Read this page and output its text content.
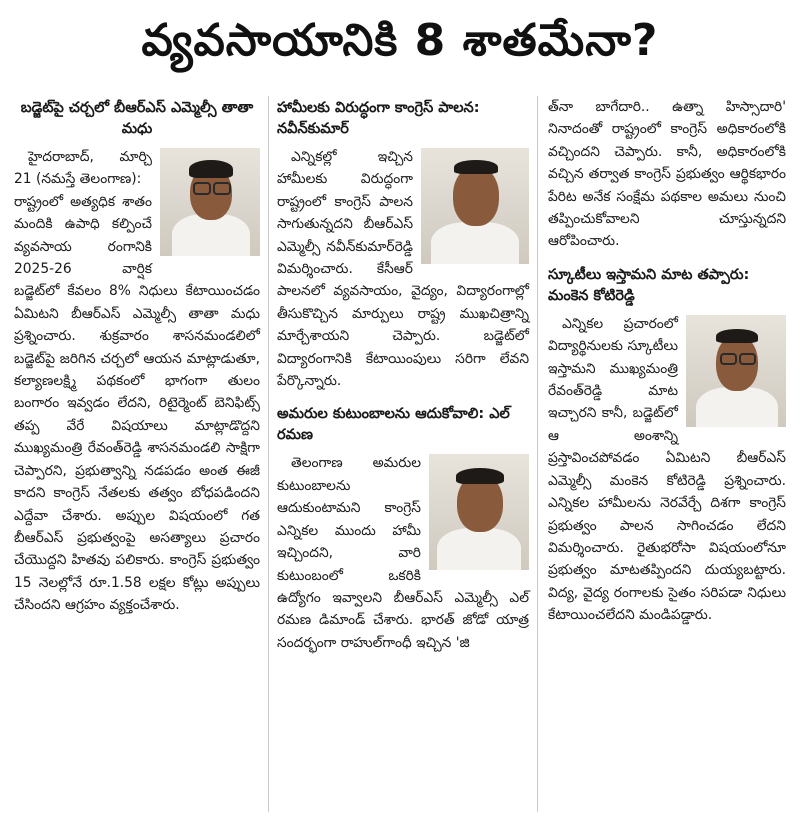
వ్యవసాయానికి 8 శాతమేనా?
బడ్జెట్‌పై చర్చలో బీఆర్‌ఎస్ ఎమ్మెల్సీ తాతా మధు

హైదరాబాద్, మార్చి 21 (నమస్తే తెలంగాణ):

రాష్ట్రంలో అత్యధిక శాతం మందికి ఉపాధి కల్పించే వ్యవసాయ రంగానికి 2025-26 వార్షిక బడ్జెట్‌లో కేవలం 8% నిధులు కేటాయించడం ఏమిటని బీఆర్‌ఎస్ ఎమ్మెల్సీ తాతా మధు ప్రశ్నించారు. శుక్రవారం శాసనమండలిలో బడ్జెట్‌పై జరిగిన చర్చలో ఆయన మాట్లాడుతూ, కల్యాణలక్ష్మి పథకంలో భాగంగా తులం బంగారం ఇవ్వడం లేదని, రిటైర్మెంట్ బెనిఫిట్స్ తప్ప వేరే విషయాలు మాట్లాడొద్దని ముఖ్యమంత్రి రేవంత్‌రెడ్డి శాసనమండలి సాక్షిగా చెప్పారని, ప్రభుత్వాన్ని నడపడం అంత ఈజీ కాదని కాంగ్రెస్ నేతలకు తత్వం బోధపడిందని ఎద్దేవా చేశారు. అప్పుల విషయంలో గత బీఆర్‌ఎస్ ప్రభుత్వంపై అసత్యాలు ప్రచారం చేయొద్దని హితవు పలికారు. కాంగ్రెస్ ప్రభుత్వం 15 నెలల్లోనే రూ.1.58 లక్షల కోట్లు అప్పులు చేసిందని ఆగ్రహం వ్యక్తంచేశారు.

హామీలకు విరుద్ధంగా కాంగ్రెస్ పాలన: నవీన్‌కుమార్

ఎన్నికల్లో ఇచ్చిన హామీలకు విరుద్ధంగా రాష్ట్రంలో కాంగ్రెస్ పాలన సాగుతున్నదని బీఆర్‌ఎస్ ఎమ్మెల్సీ నవీన్‌కుమార్‌రెడ్డి విమర్శించారు. కేసీఆర్ పాలనలో వ్యవసాయం, వైద్యం, విద్యారంగాల్లో తీసుకొచ్చిన మార్పులు రాష్ట్ర ముఖచిత్రాన్ని మార్చేశాయని చెప్పారు. బడ్జెట్‌లో విద్యారంగానికి కేటాయింపులు సరిగా లేవని పేర్కొన్నారు.

అమరుల కుటుంబాలను ఆదుకోవాలి: ఎల్ రమణ

తెలంగాణ అమరుల కుటుంబాలను ఆదుకుంటామని కాంగ్రెస్ ఎన్నికల ముందు హామీ ఇచ్చిందని, వారి కుటుంబంలో ఒకరికి ఉద్యోగం ఇవ్వాలని బీఆర్‌ఎస్ ఎమ్మెల్సీ ఎల్ రమణ డిమాండ్ చేశారు. భారత్ జోడో యాత్ర సందర్భంగా రాహుల్‌గాంధీ ఇచ్చిన 'జి

త్‌నా బాగేదారి.. ఉత్నా హిస్సాదారి' నినాదంతో రాష్ట్రంలో కాంగ్రెస్ అధికారంలోకి వచ్చిందని చెప్పారు. కానీ, అధికారంలోకి వచ్చిన తర్వాత కాంగ్రెస్ ప్రభుత్వం ఆర్థికభారం పేరిట అనేక సంక్షేమ పథకాల అమలు నుంచి తప్పించుకోవాలని చూస్తున్నదని ఆరోపించారు.

స్కూటీలు ఇస్తామని మాట తప్పారు: మంకెన కోటిరెడ్డి

ఎన్నికల ప్రచారంలో విద్యార్థినులకు స్కూటీలు ఇస్తామని ముఖ్యమంత్రి రేవంత్‌రెడ్డి మాట ఇచ్చారని కానీ, బడ్జెట్‌లో ఆ అంశాన్ని ప్రస్తావించపోవడం ఏమిటని బీఆర్‌ఎస్ ఎమ్మెల్సీ మంకెన కోటిరెడ్డి ప్రశ్నించారు. ఎన్నికల హామీలను నెరవేర్చే దిశగా కాంగ్రెస్ ప్రభుత్వం పాలన సాగించడం లేదని విమర్శించారు. రైతుభరోసా విషయంలోనూ ప్రభుత్వం మాటతప్పిందని దుయ్యబట్టారు. విద్య, వైద్య రంగాలకు సైతం సరిపడా నిధులు కేటాయించలేదని మండిపడ్డారు.
